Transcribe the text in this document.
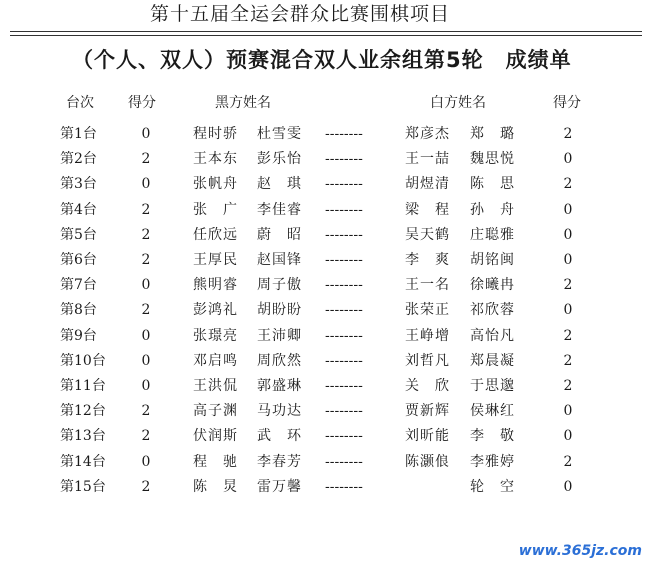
第十五届全运会群众比赛围棋项目
（个人、双人）预赛混合双人业余组第5轮 成绩单
台次	得分	黑方姓名	白方姓名	得分
第1台	0	程时骄	杜雪雯	--------	郑彦杰	郑　璐	2
第2台	2	王本东	彭乐怡	--------	王一喆	魏思悦	0
第3台	0	张帆舟	赵　琪	--------	胡煜清	陈　思	2
第4台	2	张　广	李佳睿	--------	梁　程	孙　舟	0
第5台	2	任欣远	蔚　昭	--------	吴天鹤	庄聪雅	0
第6台	2	王厚民	赵国锋	--------	李　爽	胡铭闽	0
第7台	0	熊明睿	周子傲	--------	王一名	徐曦冉	2
第8台	2	彭鸿礼	胡盼盼	--------	张荣正	祁欣蓉	0
第9台	0	张璟亮	王沛卿	--------	王峥增	高怡凡	2
第10台	0	邓启鸣	周欣然	--------	刘哲凡	郑晨凝	2
第11台	0	王洪侃	郭盛琳	--------	关　欣	于思邈	2
第12台	2	高子渊	马功达	--------	贾新辉	侯琳红	0
第13台	2	伏润斯	武　环	--------	刘昕能	李　敬	0
第14台	0	程　驰	李春芳	--------	陈灏俍	李雅婷	2
第15台	2	陈　炅	雷万馨	--------	轮　空	0
www.365jz.com
